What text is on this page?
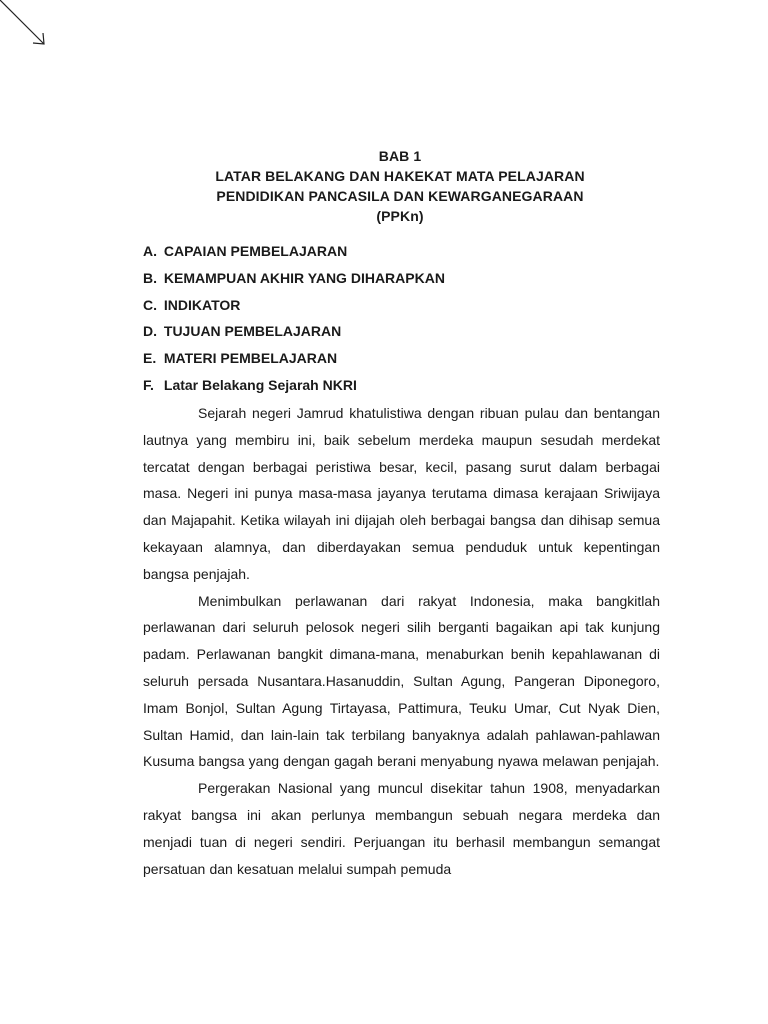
BAB 1
LATAR BELAKANG DAN HAKEKAT MATA PELAJARAN
PENDIDIKAN PANCASILA DAN KEWARGANEGARAAN
(PPKn)
A. CAPAIAN PEMBELAJARAN
B. KEMAMPUAN AKHIR YANG DIHARAPKAN
C. INDIKATOR
D. TUJUAN PEMBELAJARAN
E. MATERI PEMBELAJARAN
F. Latar Belakang Sejarah NKRI

Sejarah negeri Jamrud khatulistiwa dengan ribuan pulau dan bentangan lautnya yang membiru ini, baik sebelum merdeka maupun sesudah merdekat tercatat dengan berbagai peristiwa besar, kecil, pasang surut dalam berbagai masa. Negeri ini punya masa-masa jayanya terutama dimasa kerajaan Sriwijaya dan Majapahit. Ketika wilayah ini dijajah oleh berbagai bangsa dan dihisap semua kekayaan alamnya, dan diberdayakan semua penduduk untuk kepentingan bangsa penjajah.

Menimbulkan perlawanan dari rakyat Indonesia, maka bangkitlah perlawanan dari seluruh pelosok negeri silih berganti bagaikan api tak kunjung padam. Perlawanan bangkit dimana-mana, menaburkan benih kepahlawanan di seluruh persada Nusantara.Hasanuddin, Sultan Agung, Pangeran Diponegoro, Imam Bonjol, Sultan Agung Tirtayasa, Pattimura, Teuku Umar, Cut Nyak Dien, Sultan Hamid, dan lain-lain tak terbilang banyaknya adalah pahlawan-pahlawan Kusuma bangsa yang dengan gagah berani menyabung nyawa melawan penjajah.

Pergerakan Nasional yang muncul disekitar tahun 1908, menyadarkan rakyat bangsa ini akan perlunya membangun sebuah negara merdeka dan menjadi tuan di negeri sendiri. Perjuangan itu berhasil membangun semangat persatuan dan kesatuan melalui sumpah pemuda
